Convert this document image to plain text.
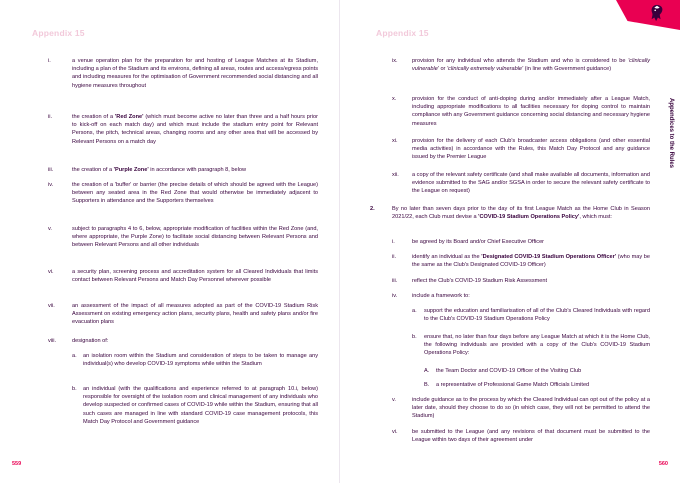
Appendix 15
i.	a venue operation plan for the preparation for and hosting of League Matches at its Stadium, including a plan of the Stadium and its environs, defining all areas, routes and access/egress points and including measures for the optimisation of Government recommended social distancing and all hygiene measures throughout
ii.	the creation of a 'Red Zone' (which must become active no later than three and a half hours prior to kick-off on each match day) and which must include the stadium entry point for Relevant Persons, the pitch, technical areas, changing rooms and any other area that will be accessed by Relevant Persons on a match day
iii.	the creation of a 'Purple Zone' in accordance with paragraph 8, below
iv.	the creation of a 'buffer' or barrier (the precise details of which should be agreed with the League) between any seated area in the Red Zone that would otherwise be immediately adjacent to Supporters in attendance and the Supporters themselves
v.	subject to paragraphs 4 to 6, below, appropriate modification of facilities within the Red Zone (and, where appropriate, the Purple Zone) to facilitate social distancing between Relevant Persons and between Relevant Persons and all other individuals
vi.	a security plan, screening process and accreditation system for all Cleared Individuals that limits contact between Relevant Persons and Match Day Personnel wherever possible
vii.	an assessment of the impact of all measures adopted as part of the COVID-19 Stadium Risk Assessment on existing emergency action plans, security plans, health and safety plans and/or fire evacuation plans
viii.	designation of:
a. an isolation room within the Stadium and consideration of steps to be taken to manage any individual(s) who develop COVID-19 symptoms while within the Stadium
b. an individual (with the qualifications and experience referred to at paragraph 10.i, below) responsible for oversight of the isolation room and clinical management of any individuals who develop suspected or confirmed cases of COVID-19 while within the Stadium, ensuring that all such cases are managed in line with standard COVID-19 case management protocols, this Match Day Protocol and Government guidance
559
Appendix 15
Appendices to the Rules
ix.	provision for any individual who attends the Stadium and who is considered to be 'clinically vulnerable' or 'clinically extremely vulnerable' (in line with Government guidance)
x.	provision for the conduct of anti-doping during and/or immediately after a League Match, including appropriate modifications to all facilities necessary for doping control to maintain compliance with any Government guidance concerning social distancing and necessary hygiene measures
xi.	provision for the delivery of each Club's broadcaster access obligations (and other essential media activities) in accordance with the Rules, this Match Day Protocol and any guidance issued by the Premier League
xii. a copy of the relevant safety certificate (and shall make available all documents, information and evidence submitted to the SAG and/or SGSA in order to secure the relevant safety certificate to the League on request)
2.	By no later than seven days prior to the day of its first League Match as the Home Club in Season 2021/22, each Club must devise a 'COVID-19 Stadium Operations Policy', which must:
i.	be agreed by its Board and/or Chief Executive Officer
ii.	identify an individual as the 'Designated COVID-19 Stadium Operations Officer' (who may be the same as the Club's Designated COVID-19 Officer)
iii.	reflect the Club's COVID-19 Stadium Risk Assessment
iv.	include a framework to:
a. support the education and familiarisation of all of the Club's Cleared Individuals with regard to the Club's COVID-19 Stadium Operations Policy
b. ensure that, no later than four days before any League Match at which it is the Home Club, the following individuals are provided with a copy of the Club's COVID-19 Stadium Operations Policy:
A. the Team Doctor and COVID-19 Officer of the Visiting Club
B. a representative of Professional Game Match Officials Limited
v.	include guidance as to the process by which the Cleared Individual can opt out of the policy at a later date, should they choose to do so (in which case, they will not be permitted to attend the Stadium)
vi.	be submitted to the League (and any revisions of that document must be submitted to the League within two days of their agreement under
560
